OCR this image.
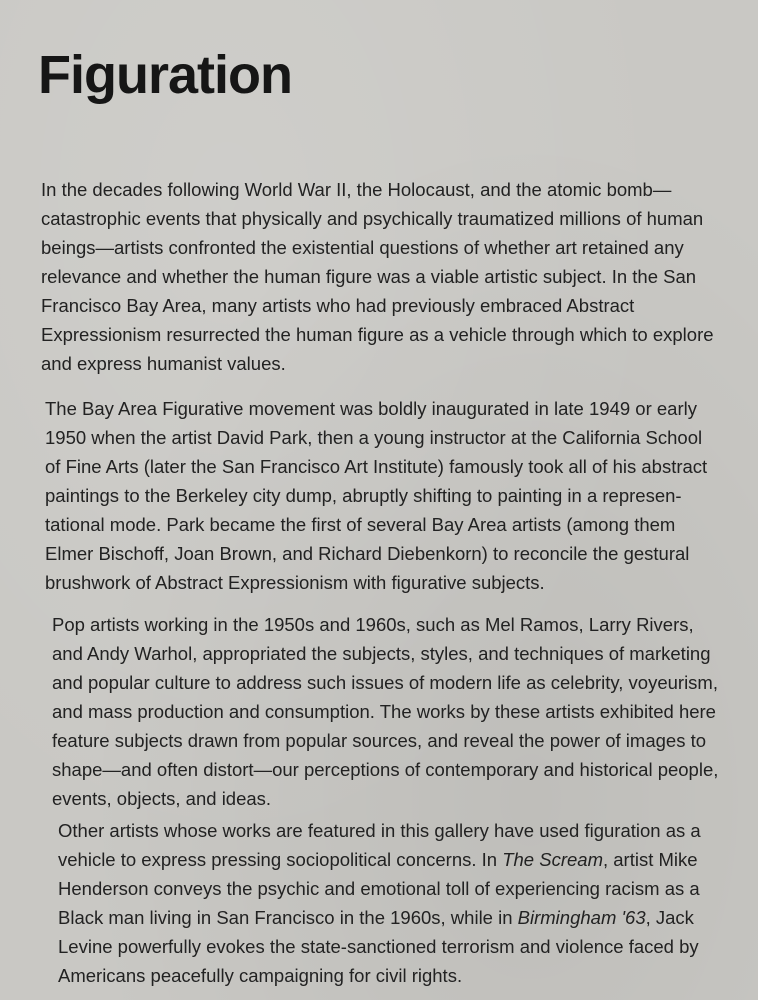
Figuration

In the decades following World War II, the Holocaust, and the atomic bomb—
catastrophic events that physically and psychically traumatized millions of human
beings—artists confronted the existential questions of whether art retained any
relevance and whether the human figure was a viable artistic subject. In the San
Francisco Bay Area, many artists who had previously embraced Abstract
Expressionism resurrected the human figure as a vehicle through which to explore
and express humanist values.

The Bay Area Figurative movement was boldly inaugurated in late 1949 or early
1950 when the artist David Park, then a young instructor at the California School
of Fine Arts (later the San Francisco Art Institute) famously took all of his abstract
paintings to the Berkeley city dump, abruptly shifting to painting in a represen-
tational mode. Park became the first of several Bay Area artists (among them
Elmer Bischoff, Joan Brown, and Richard Diebenkorn) to reconcile the gestural
brushwork of Abstract Expressionism with figurative subjects.

Pop artists working in the 1950s and 1960s, such as Mel Ramos, Larry Rivers,
and Andy Warhol, appropriated the subjects, styles, and techniques of marketing
and popular culture to address such issues of modern life as celebrity, voyeurism,
and mass production and consumption. The works by these artists exhibited here
feature subjects drawn from popular sources, and reveal the power of images to
shape—and often distort—our perceptions of contemporary and historical people,
events, objects, and ideas.

Other artists whose works are featured in this gallery have used figuration as a
vehicle to express pressing sociopolitical concerns. In The Scream, artist Mike
Henderson conveys the psychic and emotional toll of experiencing racism as a
Black man living in San Francisco in the 1960s, while in Birmingham '63, Jack
Levine powerfully evokes the state-sanctioned terrorism and violence faced by
Americans peacefully campaigning for civil rights.
